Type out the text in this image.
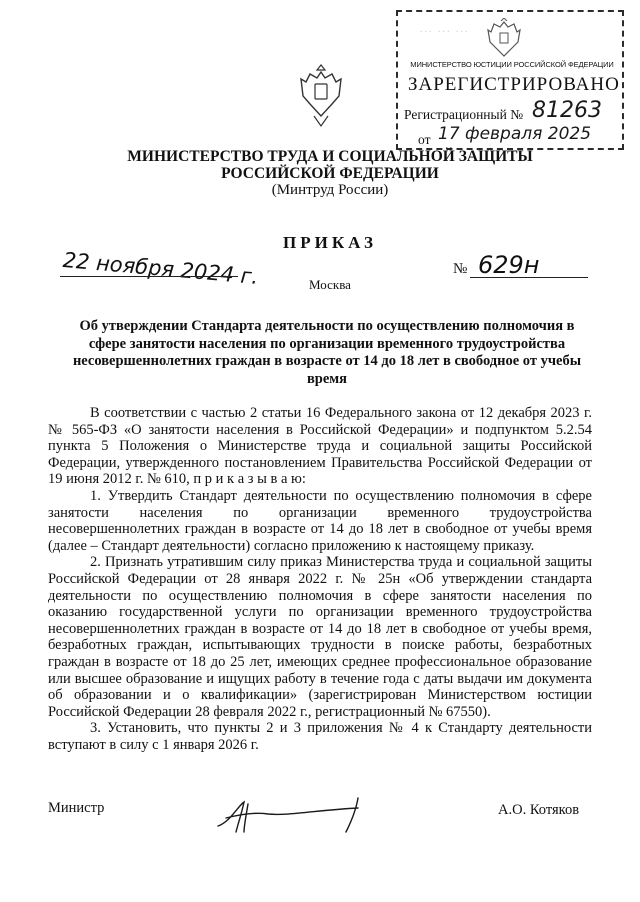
... ... ...
МИНИСТЕРСТВО ЮСТИЦИИ РОССИЙСКОЙ ФЕДЕРАЦИИ
ЗАРЕГИСТРИРОВАНО
Регистрационный № 81263
от 17 февраля 2025
МИНИСТЕРСТВО ТРУДА И СОЦИАЛЬНОЙ ЗАЩИТЫ
РОССИЙСКОЙ ФЕДЕРАЦИИ
(Минтруд России)
ПРИКАЗ
22 ноября 2024 г.	№ 629н
Москва
Об утверждении Стандарта деятельности по осуществлению полномочия в сфере занятости населения по организации временного трудоустройства несовершеннолетних граждан в возрасте от 14 до 18 лет в свободное от учебы время

В соответствии с частью 2 статьи 16 Федерального закона от 12 декабря 2023 г. № 565-ФЗ «О занятости населения в Российской Федерации» и подпунктом 5.2.54 пункта 5 Положения о Министерстве труда и социальной защиты Российской Федерации, утвержденного постановлением Правительства Российской Федерации от 19 июня 2012 г. № 610, п р и к а з ы в а ю:

1. Утвердить Стандарт деятельности по осуществлению полномочия в сфере занятости населения по организации временного трудоустройства несовершеннолетних граждан в возрасте от 14 до 18 лет в свободное от учебы время (далее – Стандарт деятельности) согласно приложению к настоящему приказу.

2. Признать утратившим силу приказ Министерства труда и социальной защиты Российской Федерации от 28 января 2022 г. № 25н «Об утверждении стандарта деятельности по осуществлению полномочия в сфере занятости населения по оказанию государственной услуги по организации временного трудоустройства несовершеннолетних граждан в возрасте от 14 до 18 лет в свободное от учебы время, безработных граждан, испытывающих трудности в поиске работы, безработных граждан в возрасте от 18 до 25 лет, имеющих среднее профессиональное образование или высшее образование и ищущих работу в течение года с даты выдачи им документа об образовании и о квалификации» (зарегистрирован Министерством юстиции Российской Федерации 28 февраля 2022 г., регистрационный № 67550).

3. Установить, что пункты 2 и 3 приложения № 4 к Стандарту деятельности вступают в силу с 1 января 2026 г.

Министр	А.О. Котяков
